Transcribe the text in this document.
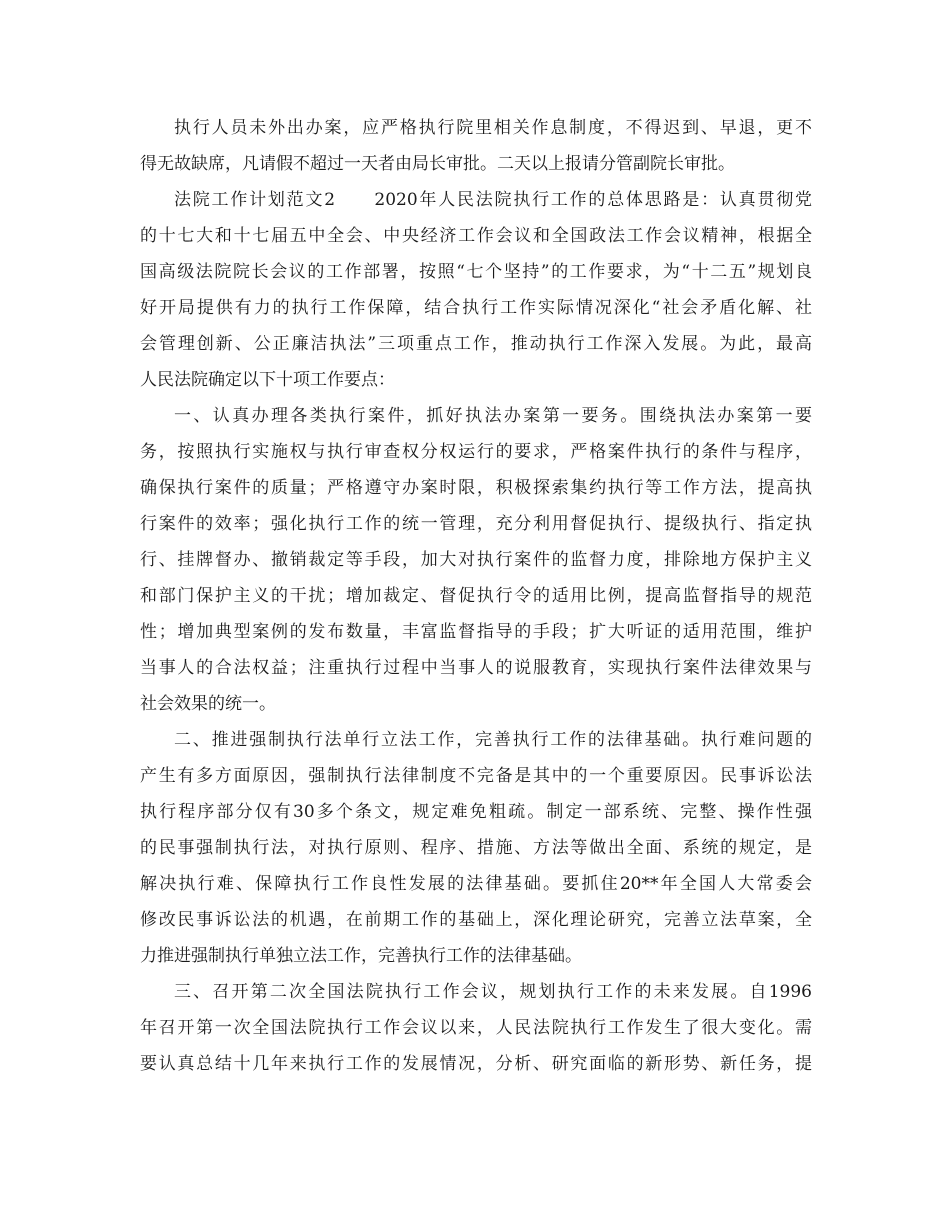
执行人员未外出办案，应严格执行院里相关作息制度，不得迟到、早退，更不
得无故缺席，凡请假不超过一天者由局长审批。二天以上报请分管副院长审批。
法院工作计划范文2　　2020年人民法院执行工作的总体思路是：认真贯彻党
的十七大和十七届五中全会、中央经济工作会议和全国政法工作会议精神，根据全
国高级法院院长会议的工作部署，按照“七个坚持”的工作要求，为“十二五”规划良
好开局提供有力的执行工作保障，结合执行工作实际情况深化“社会矛盾化解、社
会管理创新、公正廉洁执法”三项重点工作，推动执行工作深入发展。为此，最高
人民法院确定以下十项工作要点：
一、认真办理各类执行案件，抓好执法办案第一要务。围绕执法办案第一要
务，按照执行实施权与执行审查权分权运行的要求，严格案件执行的条件与程序，
确保执行案件的质量；严格遵守办案时限，积极探索集约执行等工作方法，提高执
行案件的效率；强化执行工作的统一管理，充分利用督促执行、提级执行、指定执
行、挂牌督办、撤销裁定等手段，加大对执行案件的监督力度，排除地方保护主义
和部门保护主义的干扰；增加裁定、督促执行令的适用比例，提高监督指导的规范
性；增加典型案例的发布数量，丰富监督指导的手段；扩大听证的适用范围，维护
当事人的合法权益；注重执行过程中当事人的说服教育，实现执行案件法律效果与
社会效果的统一。
二、推进强制执行法单行立法工作，完善执行工作的法律基础。执行难问题的
产生有多方面原因，强制执行法律制度不完备是其中的一个重要原因。民事诉讼法
执行程序部分仅有30多个条文，规定难免粗疏。制定一部系统、完整、操作性强
的民事强制执行法，对执行原则、程序、措施、方法等做出全面、系统的规定，是
解决执行难、保障执行工作良性发展的法律基础。要抓住20**年全国人大常委会
修改民事诉讼法的机遇，在前期工作的基础上，深化理论研究，完善立法草案，全
力推进强制执行单独立法工作，完善执行工作的法律基础。
三、召开第二次全国法院执行工作会议，规划执行工作的未来发展。自1996
年召开第一次全国法院执行工作会议以来，人民法院执行工作发生了很大变化。需
要认真总结十几年来执行工作的发展情况，分析、研究面临的新形势、新任务，提
